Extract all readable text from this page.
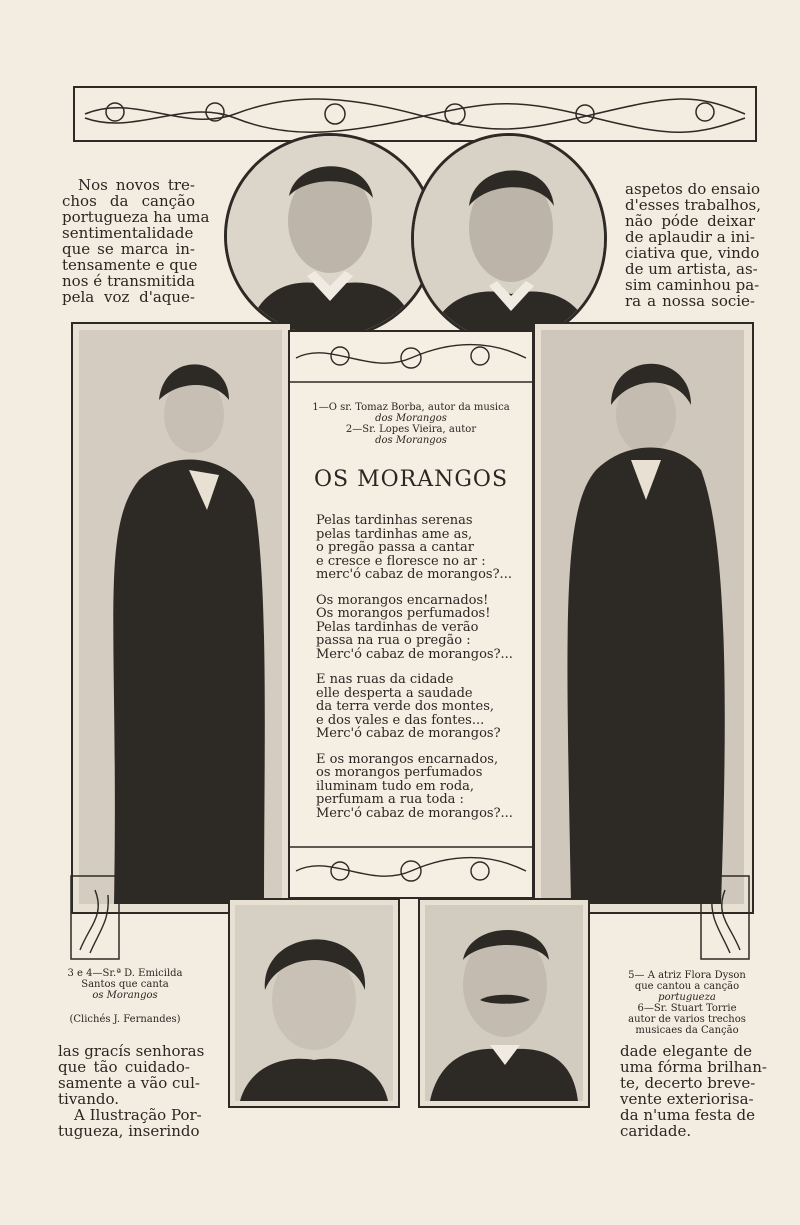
Nos novos tre-
chos da canção
portugueza ha uma
sentimentalidade
que se marca in-
tensamente e que
nos é transmitida
pela voz d'aque-
aspetos do ensaio
d'esses trabalhos,
não póde deixar
de aplaudir a ini-
ciativa que, vindo
de um artista, as-
sim caminhou pa-
ra a nossa socie-
1—O sr. Tomaz Borba, autor da musica
dos Morangos
2—Sr. Lopes Vieira, autor
dos Morangos
OS MORANGOS
Pelas tardinhas serenas
pelas tardinhas ame as,
o pregão passa a cantar
e cresce e floresce no ar :
merc'ó cabaz de morangos?...
Os morangos encarnados!
Os morangos perfumados!
Pelas tardinhas de verão
passa na rua o pregão :
Merc'ó cabaz de morangos?...
E nas ruas da cidade
elle desperta a saudade
da terra verde dos montes,
e dos vales e das fontes...
Merc'ó cabaz de morangos?
E os morangos encarnados,
os morangos perfumados
iluminam tudo em roda,
perfumam a rua toda :
Merc'ó cabaz de morangos?...
3 e 4—Sr.ª D. Emicilda
Santos que canta
os Morangos
(Clichés J. Fernandes)
5— A atriz Flora Dyson
que cantou a canção
portugueza
6—Sr. Stuart Torrie
autor de varios trechos
musicaes da Canção
las gracís senhoras
que tão cuidado-
samente a vão cul-
tivando.
A Ilustração Por-
tugueza, inserindo
dade elegante de
uma fórma brilhan-
te, decerto breve-
vente exteriorisa-
da n'uma festa de
caridade.
